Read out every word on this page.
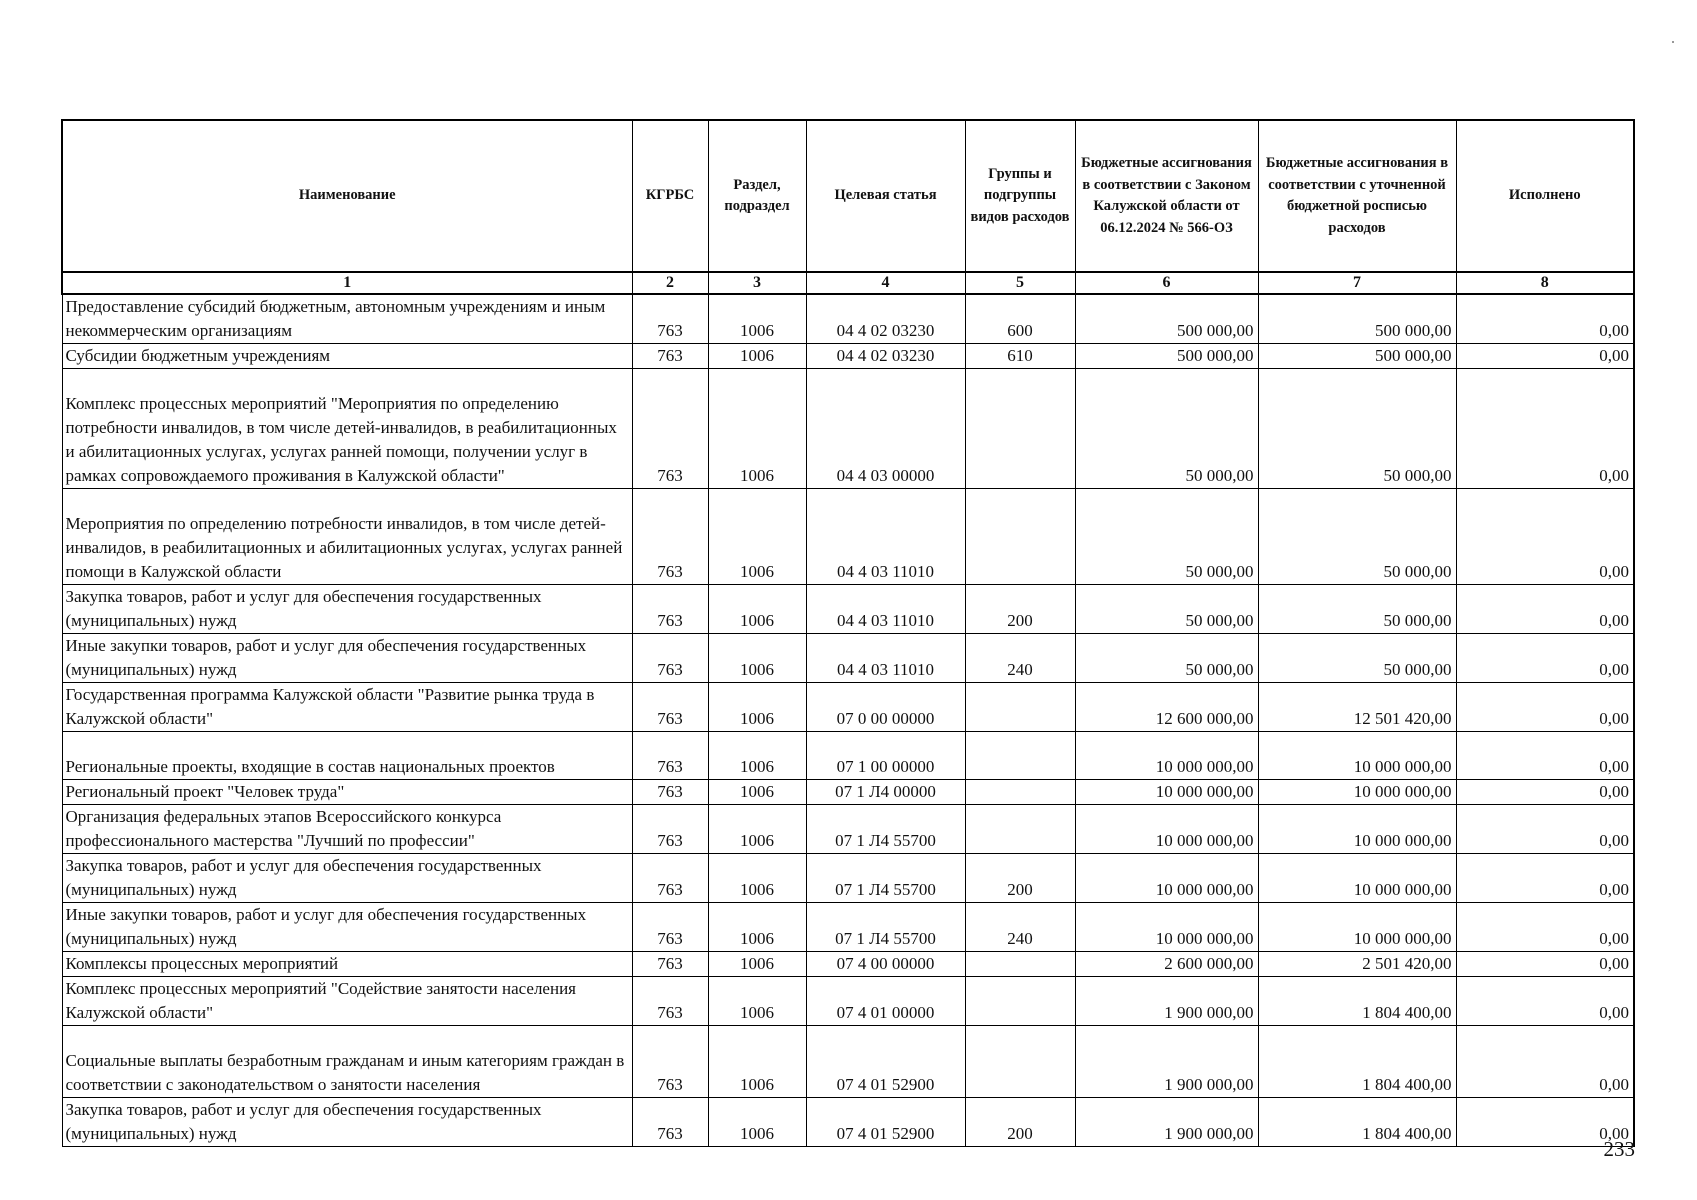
Наименование	КГРБС	Раздел, подраздел	Целевая статья	Группы и подгруппы видов расходов	Бюджетные ассигнования в соответствии с Законом Калужской области от 06.12.2024 № 566-ОЗ	Бюджетные ассигнования в соответствии с уточненной бюджетной росписью расходов	Исполнено
1	2	3	4	5	6	7	8
Предоставление субсидий бюджетным, автономным учреждениям и иным некоммерческим организациям	763	1006	04 4 02 03230	600	500 000,00	500 000,00	0,00
Субсидии бюджетным учреждениям	763	1006	04 4 02 03230	610	500 000,00	500 000,00	0,00
Комплекс процессных мероприятий "Мероприятия по определению потребности инвалидов, в том числе детей-инвалидов, в реабилитационных и абилитационных услугах, услугах ранней помощи, получении услуг в рамках сопровождаемого проживания в Калужской области"	763	1006	04 4 03 00000		50 000,00	50 000,00	0,00
Мероприятия по определению потребности инвалидов, в том числе детей-инвалидов, в реабилитационных и абилитационных услугах, услугах ранней помощи в Калужской области	763	1006	04 4 03 11010		50 000,00	50 000,00	0,00
Закупка товаров, работ и услуг для обеспечения государственных (муниципальных) нужд	763	1006	04 4 03 11010	200	50 000,00	50 000,00	0,00
Иные закупки товаров, работ и услуг для обеспечения государственных (муниципальных) нужд	763	1006	04 4 03 11010	240	50 000,00	50 000,00	0,00
Государственная программа Калужской области "Развитие рынка труда в Калужской области"	763	1006	07 0 00 00000		12 600 000,00	12 501 420,00	0,00
Региональные проекты, входящие в состав национальных проектов	763	1006	07 1 00 00000		10 000 000,00	10 000 000,00	0,00
Региональный проект "Человек труда"	763	1006	07 1 Л4 00000		10 000 000,00	10 000 000,00	0,00
Организация федеральных этапов Всероссийского конкурса профессионального мастерства "Лучший по профессии"	763	1006	07 1 Л4 55700		10 000 000,00	10 000 000,00	0,00
Закупка товаров, работ и услуг для обеспечения государственных (муниципальных) нужд	763	1006	07 1 Л4 55700	200	10 000 000,00	10 000 000,00	0,00
Иные закупки товаров, работ и услуг для обеспечения государственных (муниципальных) нужд	763	1006	07 1 Л4 55700	240	10 000 000,00	10 000 000,00	0,00
Комплексы процессных мероприятий	763	1006	07 4 00 00000		2 600 000,00	2 501 420,00	0,00
Комплекс процессных мероприятий "Содействие занятости населения Калужской области"	763	1006	07 4 01 00000		1 900 000,00	1 804 400,00	0,00
Социальные выплаты безработным гражданам и иным категориям граждан в соответствии с законодательством о занятости населения	763	1006	07 4 01 52900		1 900 000,00	1 804 400,00	0,00
Закупка товаров, работ и услуг для обеспечения государственных (муниципальных) нужд	763	1006	07 4 01 52900	200	1 900 000,00	1 804 400,00	0,00
233
